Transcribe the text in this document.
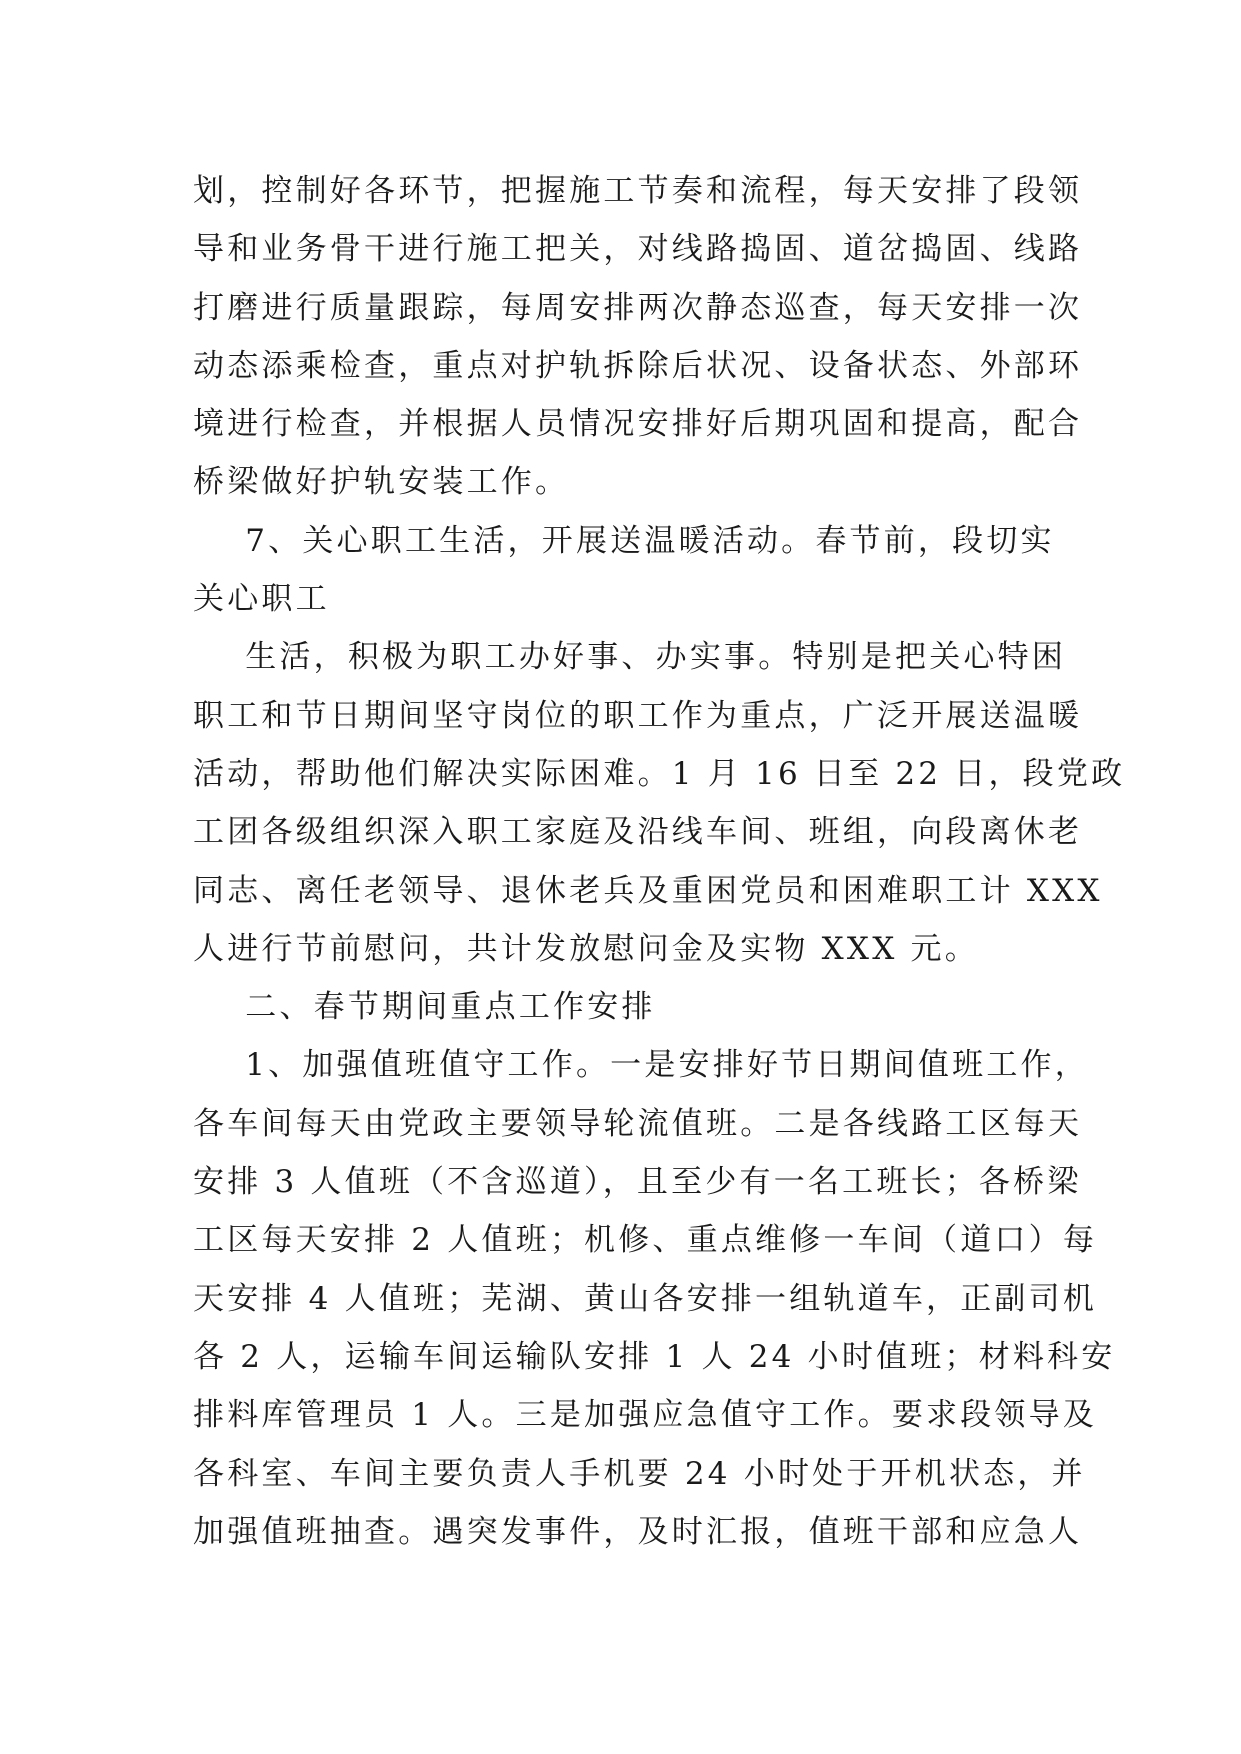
划，控制好各环节，把握施工节奏和流程，每天安排了段领
导和业务骨干进行施工把关，对线路捣固、道岔捣固、线路
打磨进行质量跟踪，每周安排两次静态巡查，每天安排一次
动态添乘检查，重点对护轨拆除后状况、设备状态、外部环
境进行检查，并根据人员情况安排好后期巩固和提高，配合
桥梁做好护轨安装工作。
7、关心职工生活，开展送温暖活动。春节前，段切实
关心职工
生活，积极为职工办好事、办实事。特别是把关心特困
职工和节日期间坚守岗位的职工作为重点，广泛开展送温暖
活动，帮助他们解决实际困难。1 月 16 日至 22 日，段党政
工团各级组织深入职工家庭及沿线车间、班组，向段离休老
同志、离任老领导、退休老兵及重困党员和困难职工计 XXX
人进行节前慰问，共计发放慰问金及实物 XXX 元。
二、春节期间重点工作安排
1、加强值班值守工作。一是安排好节日期间值班工作，
各车间每天由党政主要领导轮流值班。二是各线路工区每天
安排 3 人值班（不含巡道），且至少有一名工班长；各桥梁
工区每天安排 2 人值班；机修、重点维修一车间（道口）每
天安排 4 人值班；芜湖、黄山各安排一组轨道车，正副司机
各 2 人，运输车间运输队安排 1 人 24 小时值班；材料科安
排料库管理员 1 人。三是加强应急值守工作。要求段领导及
各科室、车间主要负责人手机要 24 小时处于开机状态，并
加强值班抽查。遇突发事件，及时汇报，值班干部和应急人
